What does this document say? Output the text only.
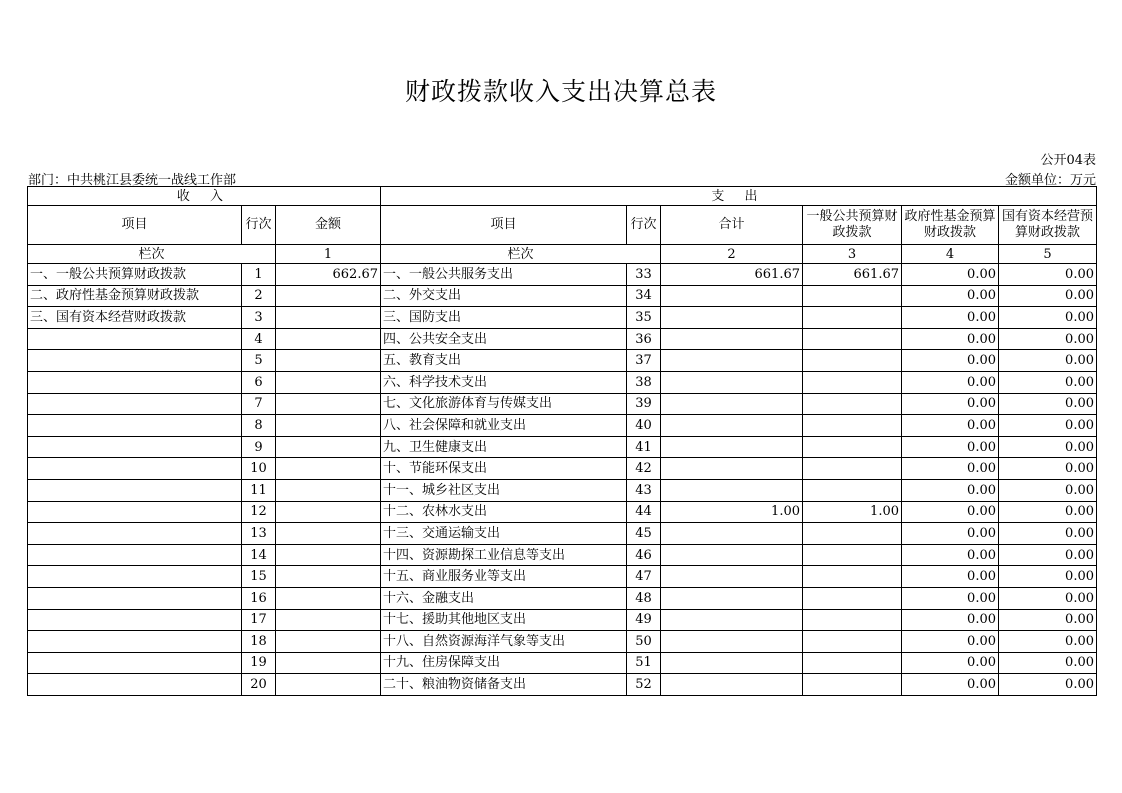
财政拨款收入支出决算总表
公开04表
部门：中共桃江县委统一战线工作部	金额单位：万元
收 入			支 出					
项目	行次	金额	项目	行次	合计	一般公共预算财政拨款	政府性基金预算财政拨款	国有资本经营预算财政拨款
栏次		1	栏次		2	3	4	5
一、一般公共预算财政拨款	1	662.67	一、一般公共服务支出	33	661.67	661.67	0.00	0.00
二、政府性基金预算财政拨款	2		二、外交支出	34			0.00	0.00
三、国有资本经营财政拨款	3		三、国防支出	35			0.00	0.00
	4		四、公共安全支出	36			0.00	0.00
	5		五、教育支出	37			0.00	0.00
	6		六、科学技术支出	38			0.00	0.00
	7		七、文化旅游体育与传媒支出	39			0.00	0.00
	8		八、社会保障和就业支出	40			0.00	0.00
	9		九、卫生健康支出	41			0.00	0.00
	10		十、节能环保支出	42			0.00	0.00
	11		十一、城乡社区支出	43			0.00	0.00
	12		十二、农林水支出	44	1.00	1.00	0.00	0.00
	13		十三、交通运输支出	45			0.00	0.00
	14		十四、资源勘探工业信息等支出	46			0.00	0.00
	15		十五、商业服务业等支出	47			0.00	0.00
	16		十六、金融支出	48			0.00	0.00
	17		十七、援助其他地区支出	49			0.00	0.00
	18		十八、自然资源海洋气象等支出	50			0.00	0.00
	19		十九、住房保障支出	51			0.00	0.00
	20		二十、粮油物资储备支出	52			0.00	0.00
